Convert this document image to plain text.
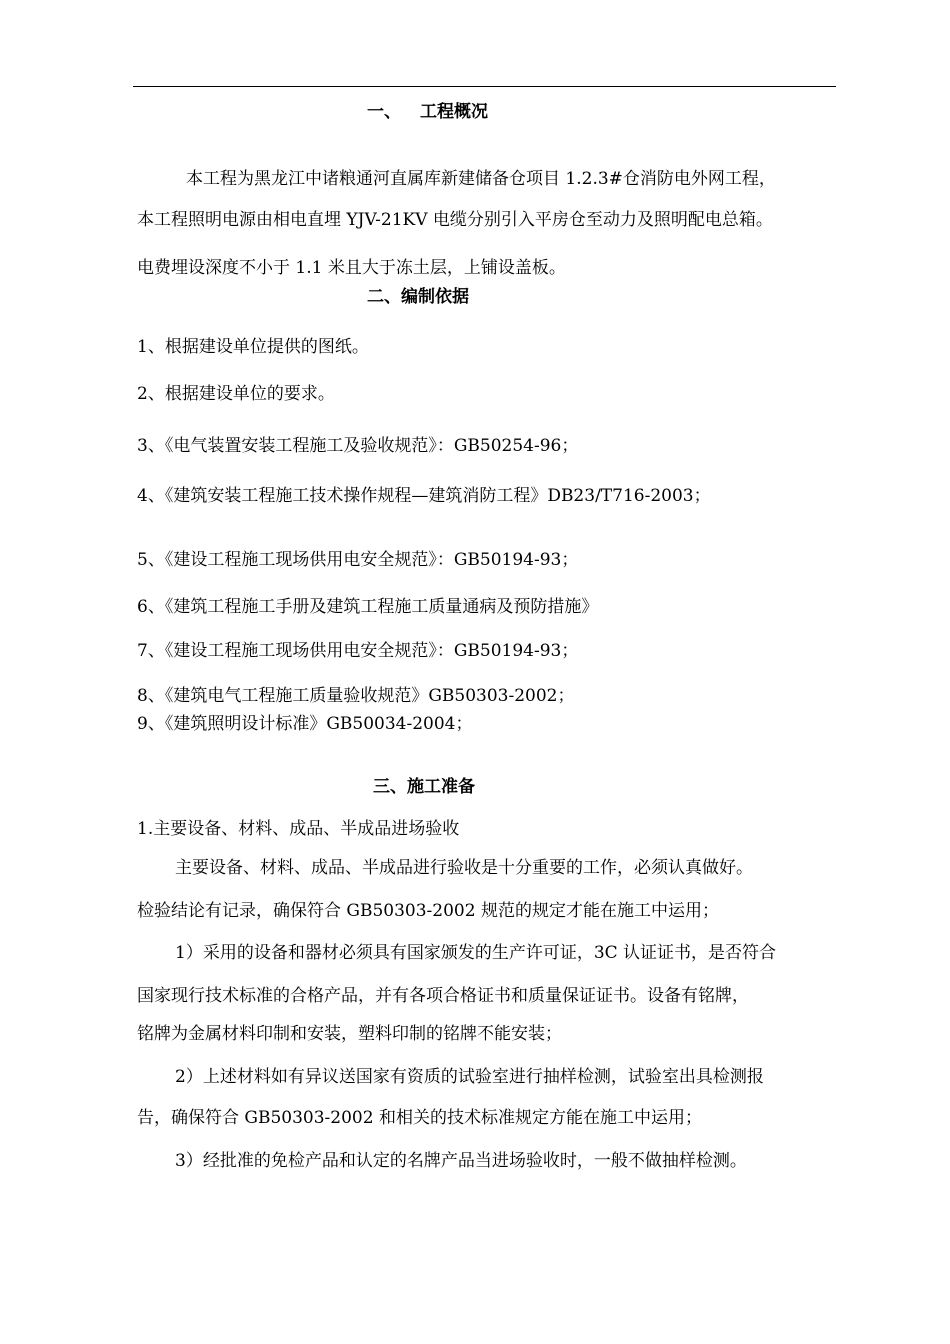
一、 工程概况
本工程为黑龙江中诸粮通河直属库新建储备仓项目 1.2.3#仓消防电外网工程，
本工程照明电源由相电直埋 YJV-21KV 电缆分别引入平房仓至动力及照明配电总箱。
电费埋设深度不小于 1.1 米且大于冻土层，上铺设盖板。
二、编制依据
1、根据建设单位提供的图纸。
2、根据建设单位的要求。
3、《电气装置安装工程施工及验收规范》：GB50254-96；
4、《建筑安装工程施工技术操作规程—建筑消防工程》DB23/T716-2003；
5、《建设工程施工现场供用电安全规范》：GB50194-93；
6、《建筑工程施工手册及建筑工程施工质量通病及预防措施》
7、《建设工程施工现场供用电安全规范》：GB50194-93；
8、《建筑电气工程施工质量验收规范》GB50303-2002；
9、《建筑照明设计标准》GB50034-2004；
三、施工准备
1.主要设备、材料、成品、半成品进场验收
主要设备、材料、成品、半成品进行验收是十分重要的工作，必须认真做好。
检验结论有记录，确保符合 GB50303-2002 规范的规定才能在施工中运用；
1）采用的设备和器材必须具有国家颁发的生产许可证，3C 认证证书，是否符合
国家现行技术标准的合格产品，并有各项合格证书和质量保证证书。设备有铭牌，
铭牌为金属材料印制和安装，塑料印制的铭牌不能安装；
2）上述材料如有异议送国家有资质的试验室进行抽样检测，试验室出具检测报
告，确保符合 GB50303-2002 和相关的技术标准规定方能在施工中运用；
3）经批准的免检产品和认定的名牌产品当进场验收时，一般不做抽样检测。
